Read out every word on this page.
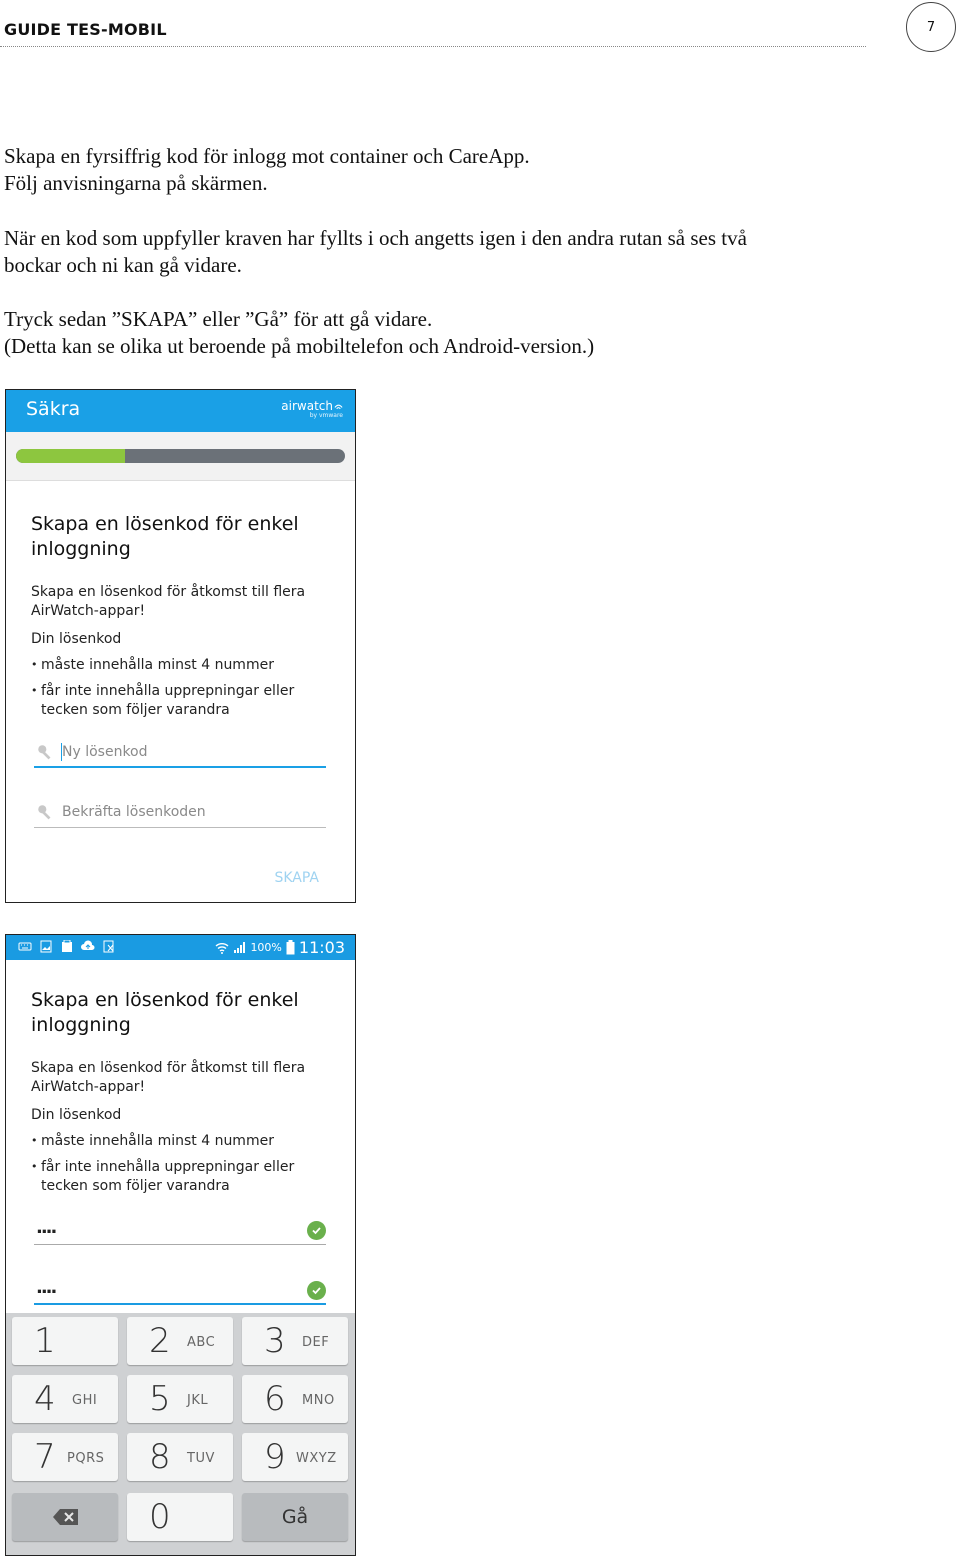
GUIDE TES-MOBIL	7

Skapa en fyrsiffrig kod för inlogg mot container och CareApp.

Följ anvisningarna på skärmen.

När en kod som uppfyller kraven har fyllts i och angetts igen i den andra rutan så ses två

bockar och ni kan gå vidare.

Tryck sedan ”SKAPA” eller ”Gå” för att gå vidare.

(Detta kan se olika ut beroende på mobiltelefon och Android-version.)

Säkra	airwatch
by vmware
Skapa en lösenkod för enkel
inloggning
Skapa en lösenkod för åtkomst till flera
AirWatch-appar!
Din lösenkod
• måste innehålla minst 4 nummer
• får inte innehålla upprepningar eller
tecken som följer varandra
Ny lösenkod
Bekräfta lösenkoden
SKAPA
100% 11:03
Skapa en lösenkod för enkel
inloggning
Skapa en lösenkod för åtkomst till flera
AirWatch-appar!
Din lösenkod
• måste innehålla minst 4 nummer
• får inte innehålla upprepningar eller
tecken som följer varandra
....
....
1	2 ABC 3 DEF
4 GHI 5 JKL 6 MNO
7 PQRS 8 TUV 9 WXYZ
0	Gå
